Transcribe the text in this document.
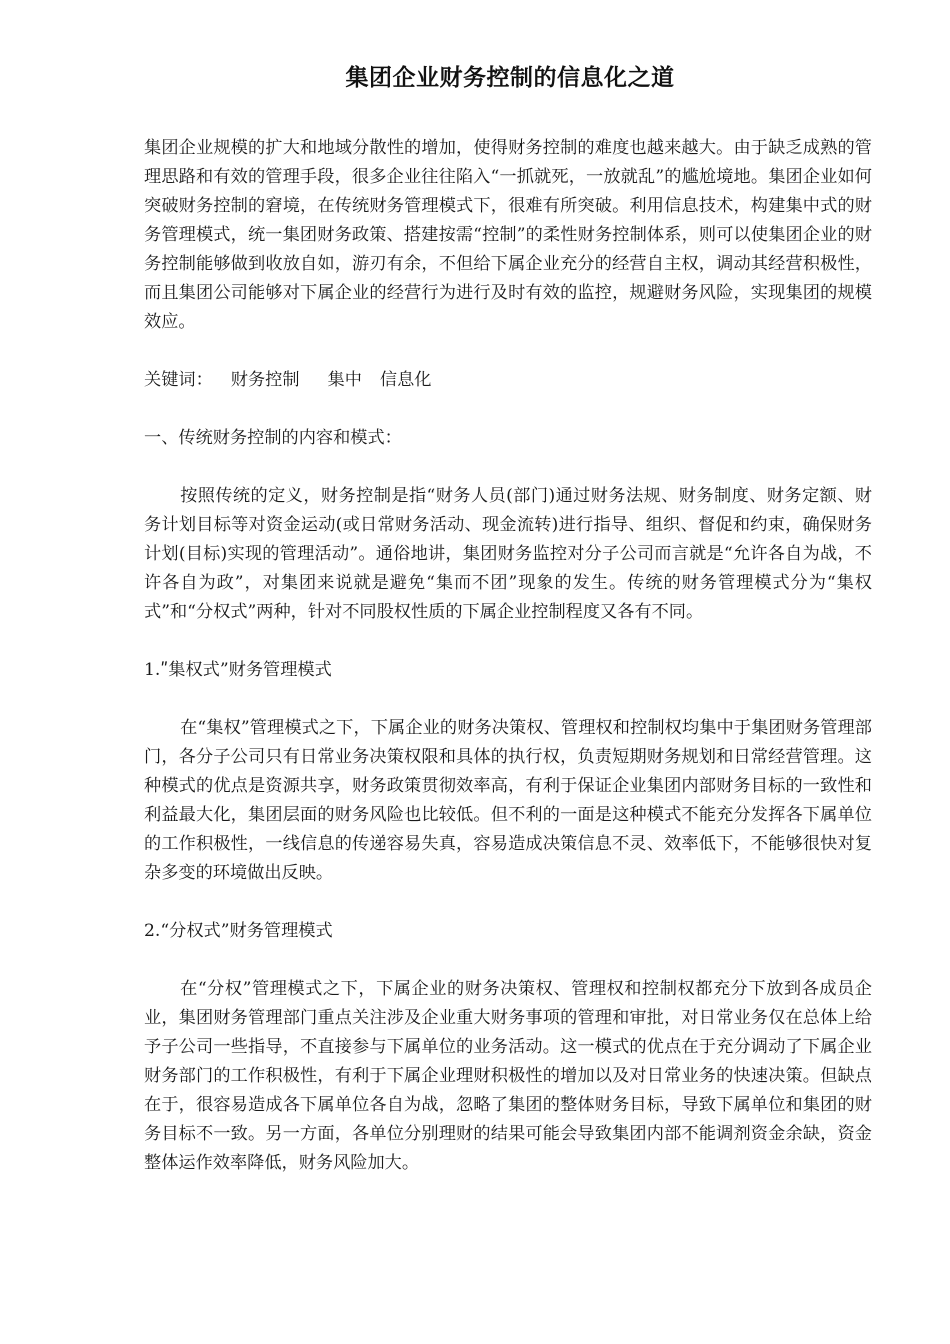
集团企业财务控制的信息化之道

集团企业规模的扩大和地域分散性的增加，使得财务控制的难度也越来越大。由于缺乏成熟的管理思路和有效的管理手段，很多企业往往陷入“一抓就死，一放就乱”的尴尬境地。集团企业如何突破财务控制的窘境，在传统财务管理模式下，很难有所突破。利用信息技术，构建集中式的财务管理模式，统一集团财务政策、搭建按需“控制”的柔性财务控制体系，则可以使集团企业的财务控制能够做到收放自如，游刃有余，不但给下属企业充分的经营自主权，调动其经营积极性，而且集团公司能够对下属企业的经营行为进行及时有效的监控，规避财务风险，实现集团的规模效应。

关键词： 财务控制 集中 信息化

一、传统财务控制的内容和模式：

按照传统的定义，财务控制是指“财务人员(部门)通过财务法规、财务制度、财务定额、财务计划目标等对资金运动(或日常财务活动、现金流转)进行指导、组织、督促和约束，确保财务计划(目标)实现的管理活动”。通俗地讲，集团财务监控对分子公司而言就是“允许各自为战，不许各自为政”，对集团来说就是避免“集而不团”现象的发生。传统的财务管理模式分为“集权式”和“分权式”两种，针对不同股权性质的下属企业控制程度又各有不同。

1.ʺ集权式”财务管理模式

在“集权”管理模式之下，下属企业的财务决策权、管理权和控制权均集中于集团财务管理部门，各分子公司只有日常业务决策权限和具体的执行权，负责短期财务规划和日常经营管理。这种模式的优点是资源共享，财务政策贯彻效率高，有利于保证企业集团内部财务目标的一致性和利益最大化，集团层面的财务风险也比较低。但不利的一面是这种模式不能充分发挥各下属单位的工作积极性，一线信息的传递容易失真，容易造成决策信息不灵、效率低下，不能够很快对复杂多变的环境做出反映。

2.“分权式”财务管理模式

在“分权”管理模式之下，下属企业的财务决策权、管理权和控制权都充分下放到各成员企业，集团财务管理部门重点关注涉及企业重大财务事项的管理和审批，对日常业务仅在总体上给予子公司一些指导，不直接参与下属单位的业务活动。这一模式的优点在于充分调动了下属企业财务部门的工作积极性，有利于下属企业理财积极性的增加以及对日常业务的快速决策。但缺点在于，很容易造成各下属单位各自为战，忽略了集团的整体财务目标，导致下属单位和集团的财务目标不一致。另一方面，各单位分别理财的结果可能会导致集团内部不能调剂资金余缺，资金整体运作效率降低，财务风险加大。
